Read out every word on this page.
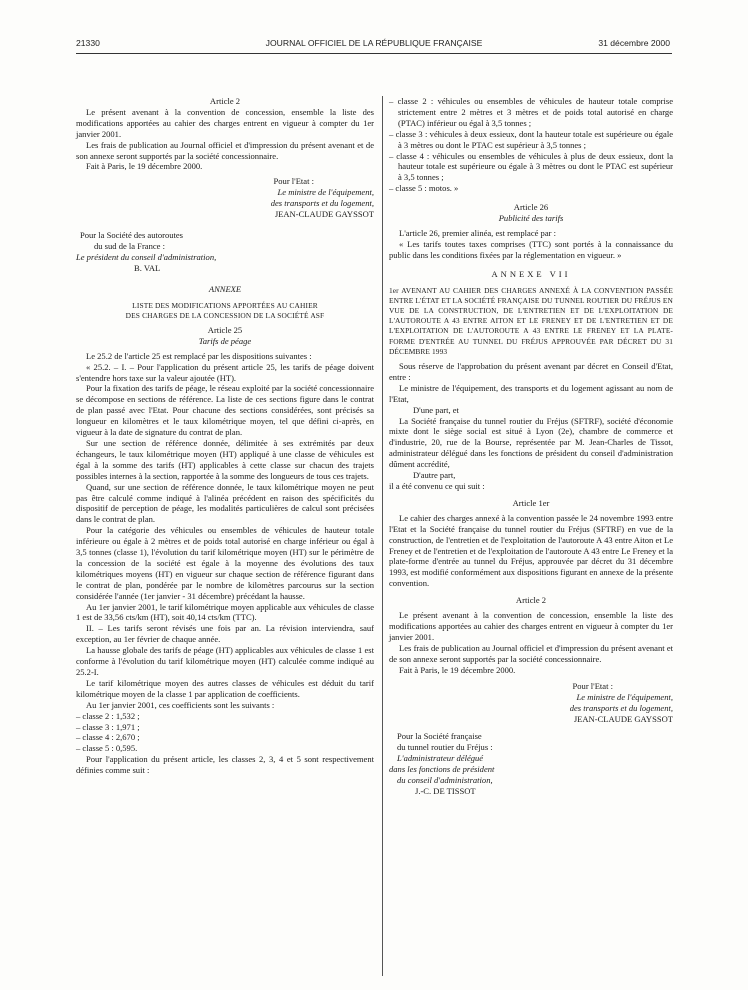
21330	JOURNAL OFFICIEL DE LA RÉPUBLIQUE FRANÇAISE	31 décembre 2000

Article 2

Le présent avenant à la convention de concession, ensemble la liste des modifications apportées au cahier des charges entrent en vigueur à compter du 1er janvier 2001.

Les frais de publication au Journal officiel et d'impression du présent avenant et de son annexe seront supportés par la société concessionnaire.

Fait à Paris, le 19 décembre 2000.

Pour l'Etat :

Le ministre de l'équipement,

des transports et du logement,

JEAN-CLAUDE GAYSSOT

Pour la Société des autoroutes

du sud de la France :

Le président du conseil d'administration,

B. VAL

ANNEXE

LISTE DES MODIFICATIONS APPORTÉES AU CAHIER

DES CHARGES DE LA CONCESSION DE LA SOCIÉTÉ ASF

Article 25

Tarifs de péage

Le 25.2 de l'article 25 est remplacé par les dispositions suivantes :

« 25.2. – I. – Pour l'application du présent article 25, les tarifs de péage doivent s'entendre hors taxe sur la valeur ajoutée (HT).

Pour la fixation des tarifs de péage, le réseau exploité par la société concessionnaire se décompose en sections de référence. La liste de ces sections figure dans le contrat de plan passé avec l'Etat. Pour chacune des sections considérées, sont précisés sa longueur en kilomètres et le taux kilométrique moyen, tel que défini ci-après, en vigueur à la date de signature du contrat de plan.

Sur une section de référence donnée, délimitée à ses extrémités par deux échangeurs, le taux kilométrique moyen (HT) appliqué à une classe de véhicules est égal à la somme des tarifs (HT) applicables à cette classe sur chacun des trajets possibles internes à la section, rapportée à la somme des longueurs de tous ces trajets.

Quand, sur une section de référence donnée, le taux kilométrique moyen ne peut pas être calculé comme indiqué à l'alinéa précédent en raison des spécificités du dispositif de perception de péage, les modalités particulières de calcul sont précisées dans le contrat de plan.

Pour la catégorie des véhicules ou ensembles de véhicules de hauteur totale inférieure ou égale à 2 mètres et de poids total autorisé en charge inférieur ou égal à 3,5 tonnes (classe 1), l'évolution du tarif kilométrique moyen (HT) sur le périmètre de la concession de la société est égale à la moyenne des évolutions des taux kilométriques moyens (HT) en vigueur sur chaque section de référence figurant dans le contrat de plan, pondérée par le nombre de kilomètres parcourus sur la section considérée l'année (1er janvier - 31 décembre) précédant la hausse.

Au 1er janvier 2001, le tarif kilométrique moyen applicable aux véhicules de classe 1 est de 33,56 cts/km (HT), soit 40,14 cts/km (TTC).

II. – Les tarifs seront révisés une fois par an. La révision interviendra, sauf exception, au 1er février de chaque année.

La hausse globale des tarifs de péage (HT) applicables aux véhicules de classe 1 est conforme à l'évolution du tarif kilométrique moyen (HT) calculée comme indiqué au 25.2-I.

Le tarif kilométrique moyen des autres classes de véhicules est déduit du tarif kilométrique moyen de la classe 1 par application de coefficients.

Au 1er janvier 2001, ces coefficients sont les suivants :

– classe 2 : 1,532 ;

– classe 3 : 1,971 ;

– classe 4 : 2,670 ;

– classe 5 : 0,595.

Pour l'application du présent article, les classes 2, 3, 4 et 5 sont respectivement définies comme suit :

– classe 2 : véhicules ou ensembles de véhicules de hauteur totale comprise strictement entre 2 mètres et 3 mètres et de poids total autorisé en charge (PTAC) inférieur ou égal à 3,5 tonnes ;

– classe 3 : véhicules à deux essieux, dont la hauteur totale est supérieure ou égale à 3 mètres ou dont le PTAC est supérieur à 3,5 tonnes ;

– classe 4 : véhicules ou ensembles de véhicules à plus de deux essieux, dont la hauteur totale est supérieure ou égale à 3 mètres ou dont le PTAC est supérieur à 3,5 tonnes ;

– classe 5 : motos. »

Article 26

Publicité des tarifs

L'article 26, premier alinéa, est remplacé par :

« Les tarifs toutes taxes comprises (TTC) sont portés à la connaissance du public dans les conditions fixées par la réglementation en vigueur. »

ANNEXE VII

1er AVENANT AU CAHIER DES CHARGES ANNEXÉ À LA CONVENTION PASSÉE ENTRE L'ÉTAT ET LA SOCIÉTÉ FRANÇAISE DU TUNNEL ROUTIER DU FRÉJUS EN VUE DE LA CONSTRUCTION, DE L'ENTRETIEN ET DE L'EXPLOITATION DE L'AUTOROUTE A 43 ENTRE AITON ET LE FRENEY ET DE L'ENTRETIEN ET DE L'EXPLOITATION DE L'AUTOROUTE A 43 ENTRE LE FRENEY ET LA PLATE-FORME D'ENTRÉE AU TUNNEL DU FRÉJUS APPROUVÉE PAR DÉCRET DU 31 DÉCEMBRE 1993

Sous réserve de l'approbation du présent avenant par décret en Conseil d'Etat, entre :

Le ministre de l'équipement, des transports et du logement agissant au nom de l'Etat,

D'une part, et

La Société française du tunnel routier du Fréjus (SFTRF), société d'économie mixte dont le siège social est situé à Lyon (2e), chambre de commerce et d'industrie, 20, rue de la Bourse, représentée par M. Jean-Charles de Tissot, administrateur délégué dans les fonctions de président du conseil d'administration dûment accrédité,

D'autre part,

il a été convenu ce qui suit :

Article 1er

Le cahier des charges annexé à la convention passée le 24 novembre 1993 entre l'Etat et la Société française du tunnel routier du Fréjus (SFTRF) en vue de la construction, de l'entretien et de l'exploitation de l'autoroute A 43 entre Aiton et Le Freney et de l'entretien et de l'exploitation de l'autoroute A 43 entre Le Freney et la plate-forme d'entrée au tunnel du Fréjus, approuvée par décret du 31 décembre 1993, est modifié conformément aux dispositions figurant en annexe de la présente convention.

Article 2

Le présent avenant à la convention de concession, ensemble la liste des modifications apportées au cahier des charges entrent en vigueur à compter du 1er janvier 2001.

Les frais de publication au Journal officiel et d'impression du présent avenant et de son annexe seront supportés par la société concessionnaire.

Fait à Paris, le 19 décembre 2000.

Pour l'Etat :

Le ministre de l'équipement,

des transports et du logement,

JEAN-CLAUDE GAYSSOT

Pour la Société française

du tunnel routier du Fréjus :

L'administrateur délégué

dans les fonctions de président

du conseil d'administration,

J.-C. DE TISSOT
